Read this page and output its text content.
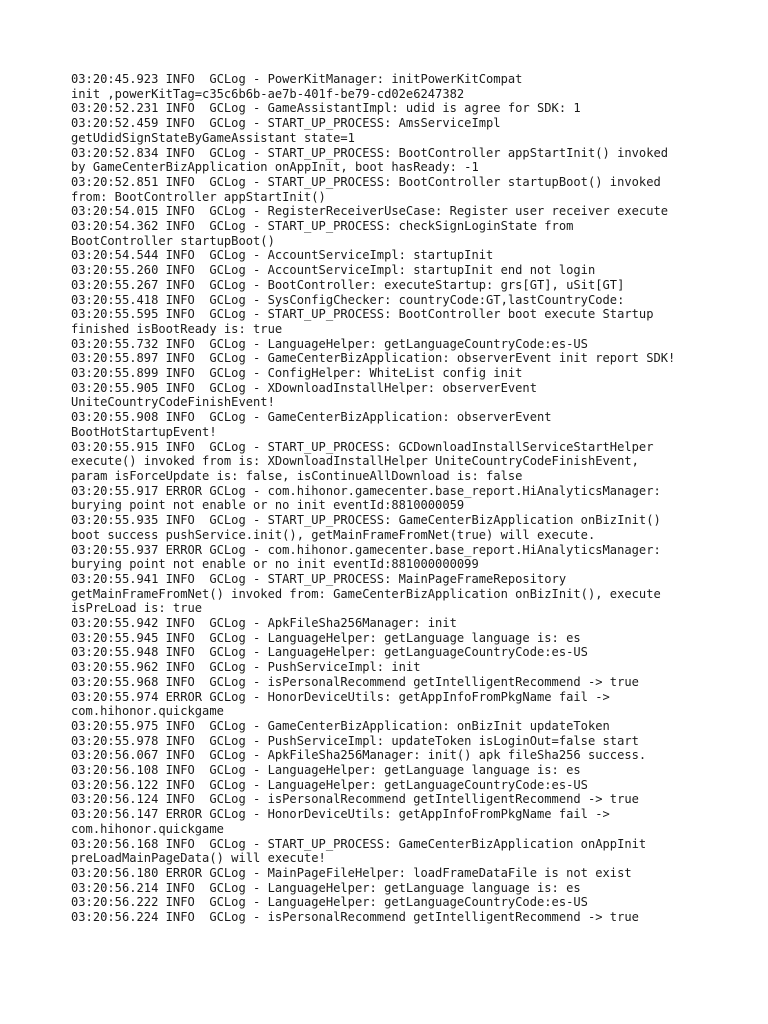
03:20:45.923 INFO  GCLog - PowerKitManager: initPowerKitCompat
init ,powerKitTag=c35c6b6b-ae7b-401f-be79-cd02e6247382
03:20:52.231 INFO  GCLog - GameAssistantImpl: udid is agree for SDK: 1
03:20:52.459 INFO  GCLog - START_UP_PROCESS: AmsServiceImpl
getUdidSignStateByGameAssistant state=1
03:20:52.834 INFO  GCLog - START_UP_PROCESS: BootController appStartInit() invoked
by GameCenterBizApplication onAppInit, boot hasReady: -1
03:20:52.851 INFO  GCLog - START_UP_PROCESS: BootController startupBoot() invoked
from: BootController appStartInit()
03:20:54.015 INFO  GCLog - RegisterReceiverUseCase: Register user receiver execute
03:20:54.362 INFO  GCLog - START_UP_PROCESS: checkSignLoginState from
BootController startupBoot()
03:20:54.544 INFO  GCLog - AccountServiceImpl: startupInit
03:20:55.260 INFO  GCLog - AccountServiceImpl: startupInit end not login
03:20:55.267 INFO  GCLog - BootController: executeStartup: grs[GT], uSit[GT]
03:20:55.418 INFO  GCLog - SysConfigChecker: countryCode:GT,lastCountryCode:
03:20:55.595 INFO  GCLog - START_UP_PROCESS: BootController boot execute Startup
finished isBootReady is: true
03:20:55.732 INFO  GCLog - LanguageHelper: getLanguageCountryCode:es-US
03:20:55.897 INFO  GCLog - GameCenterBizApplication: observerEvent init report SDK!
03:20:55.899 INFO  GCLog - ConfigHelper: WhiteList config init
03:20:55.905 INFO  GCLog - XDownloadInstallHelper: observerEvent
UniteCountryCodeFinishEvent!
03:20:55.908 INFO  GCLog - GameCenterBizApplication: observerEvent
BootHotStartupEvent!
03:20:55.915 INFO  GCLog - START_UP_PROCESS: GCDownloadInstallServiceStartHelper
execute() invoked from is: XDownloadInstallHelper UniteCountryCodeFinishEvent,
param isForceUpdate is: false, isContinueAllDownload is: false
03:20:55.917 ERROR GCLog - com.hihonor.gamecenter.base_report.HiAnalyticsManager:
burying point not enable or no init eventId:8810000059
03:20:55.935 INFO  GCLog - START_UP_PROCESS: GameCenterBizApplication onBizInit()
boot success pushService.init(), getMainFrameFromNet(true) will execute.
03:20:55.937 ERROR GCLog - com.hihonor.gamecenter.base_report.HiAnalyticsManager:
burying point not enable or no init eventId:881000000099
03:20:55.941 INFO  GCLog - START_UP_PROCESS: MainPageFrameRepository
getMainFrameFromNet() invoked from: GameCenterBizApplication onBizInit(), execute
isPreLoad is: true
03:20:55.942 INFO  GCLog - ApkFileSha256Manager: init
03:20:55.945 INFO  GCLog - LanguageHelper: getLanguage language is: es
03:20:55.948 INFO  GCLog - LanguageHelper: getLanguageCountryCode:es-US
03:20:55.962 INFO  GCLog - PushServiceImpl: init
03:20:55.968 INFO  GCLog - isPersonalRecommend getIntelligentRecommend -> true
03:20:55.974 ERROR GCLog - HonorDeviceUtils: getAppInfoFromPkgName fail ->
com.hihonor.quickgame
03:20:55.975 INFO  GCLog - GameCenterBizApplication: onBizInit updateToken
03:20:55.978 INFO  GCLog - PushServiceImpl: updateToken isLoginOut=false start
03:20:56.067 INFO  GCLog - ApkFileSha256Manager: init() apk fileSha256 success.
03:20:56.108 INFO  GCLog - LanguageHelper: getLanguage language is: es
03:20:56.122 INFO  GCLog - LanguageHelper: getLanguageCountryCode:es-US
03:20:56.124 INFO  GCLog - isPersonalRecommend getIntelligentRecommend -> true
03:20:56.147 ERROR GCLog - HonorDeviceUtils: getAppInfoFromPkgName fail ->
com.hihonor.quickgame
03:20:56.168 INFO  GCLog - START_UP_PROCESS: GameCenterBizApplication onAppInit
preLoadMainPageData() will execute!
03:20:56.180 ERROR GCLog - MainPageFileHelper: loadFrameDataFile is not exist
03:20:56.214 INFO  GCLog - LanguageHelper: getLanguage language is: es
03:20:56.222 INFO  GCLog - LanguageHelper: getLanguageCountryCode:es-US
03:20:56.224 INFO  GCLog - isPersonalRecommend getIntelligentRecommend -> true
